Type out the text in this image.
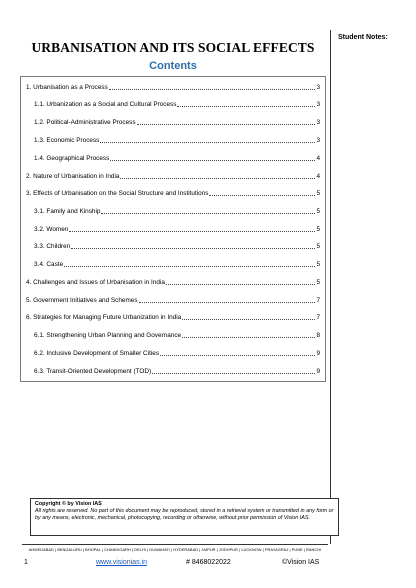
Student Notes:
URBANISATION AND ITS SOCIAL EFFECTS
Contents
1. Urbanisation as a Process	3
1.1. Urbanization as a Social and Cultural Process	3
1.2. Political-Administrative Process	3
1.3. Economic Process	3
1.4. Geographical Process	4
2. Nature of Urbanisation in India	4
3. Effects of Urbanisation on the Social Structure and Institutions	5
3.1. Family and Kinship	5
3.2. Women	5
3.3. Children	5
3.4. Caste	5
4. Challenges and Issues of Urbanisation in India	5
5. Government Initiatives and Schemes	7
6. Strategies for Managing Future Urbanization in India	7
6.1. Strengthening Urban Planning and Governance	8
6.2. Inclusive Development of Smaller Cities	9
6.3. Transit-Oriented Development (TOD)	9
Copyright © by Vision IAS
All rights are reserved. No part of this document may be reproduced, stored in a retrieval system or transmitted in any form or by any means, electronic, mechanical, photocopying, recording or otherwise, without prior permission of Vision IAS.
AHMEDABAD | BENGALURU | BHOPAL | CHANDIGARH | DELHI | GUWAHATI | HYDERABAD | JAIPUR | JODHPUR | LUCKNOW | PRAYAGRAJ | PUNE | RANCHI
1	www.visionias.in	# 8468022022	©Vision IAS
